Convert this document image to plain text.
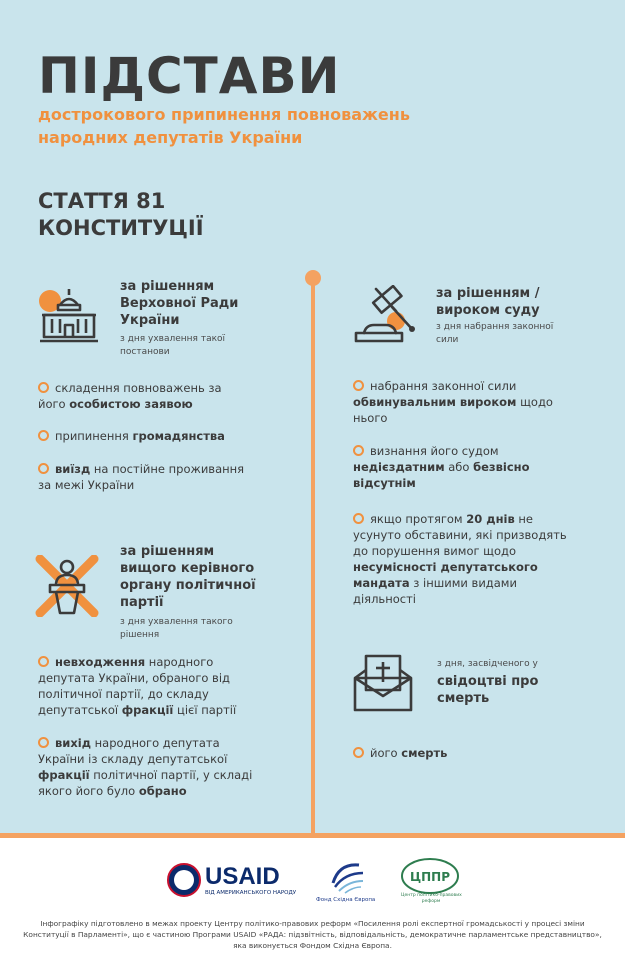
ПІДСТАВИ

дострокового припинення повноважень
народних депутатів України

СТАТТЯ 81
КОНСТИТУЦІЇ
за рішенням
Верховної Ради
України

з дня ухвалення такої
постанови

складення повноважень за
його особистою заявою

припинення громадянства

виїзд на постійне проживання
за межі України

за рішенням
вищого керівного
органу політичної
партії

з дня ухвалення такого
рішення

невходження народного
депутата України, обраного від
політичної партії, до складу
депутатської фракції цієї партії

вихід народного депутата
України із складу депутатської
фракції політичної партії, у складі
якого його було обрано

за рішенням /
вироком суду

з дня набрання законної
сили

набрання законної сили
обвинувальним вироком щодо
нього

визнання його судом
недієздатним або безвісно
відсутнім

якщо протягом 20 днів не
усунуто обставини, які призводять
до порушення вимог щодо
несумісності депутатського
мандата з іншими видами
діяльності

з дня, засвідченого у

свідоцтві про
смерть

його смерть

USAID
ВІД АМЕРИКАНСЬКОГО НАРОДУ
Фонд Східна Європа
ЦППР
Центр політико-правових
реформ
Інфографіку підготовлено в межах проекту Центру політико-правових реформ «Посилення ролі експертної громадськості у процесі зміни
Конституції в Парламенті», що є частиною Програми USAID «РАДА: підзвітність, відповідальність, демократичне парламентське представництво»,
яка виконується Фондом Східна Європа.
